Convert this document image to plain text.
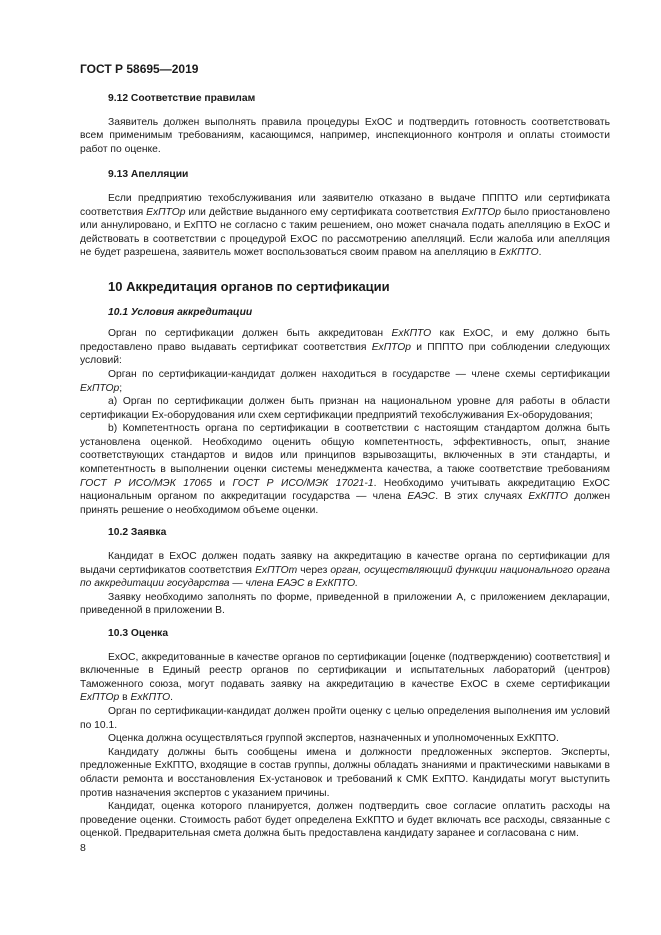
ГОСТ Р 58695—2019
9.12 Соответствие правилам

Заявитель должен выполнять правила процедуры ExОС и подтвердить готовность соответствовать всем применимым требованиям, касающимся, например, инспекционного контроля и оплаты стоимости работ по оценке.

9.13 Апелляции

Если предприятию техобслуживания или заявителю отказано в выдаче ПППТО или сертификата соответствия ExПТОр или действие выданного ему сертификата соответствия ExПТОр было приостановлено или аннулировано, и ExПТО не согласно с таким решением, оно может сначала подать апелляцию в ExОС и действовать в соответствии с процедурой ExОС по рассмотрению апелляций. Если жалоба или апелляция не будет разрешена, заявитель может воспользоваться своим правом на апелляцию в ExКПТО.

10 Аккредитация органов по сертификации
10.1 Условия аккредитации

Орган по сертификации должен быть аккредитован ExКПТО как ExОС, и ему должно быть предоставлено право выдавать сертификат соответствия ExПТОр и ПППТО при соблюдении следующих условий:

Орган по сертификации-кандидат должен находиться в государстве — члене схемы сертификации ExПТОр;

a) Орган по сертификации должен быть признан на национальном уровне для работы в области сертификации Ex-оборудования или схем сертификации предприятий техобслуживания Ex-оборудования;

b) Компетентность органа по сертификации в соответствии с настоящим стандартом должна быть установлена оценкой. Необходимо оценить общую компетентность, эффективность, опыт, знание соответствующих стандартов и видов или принципов взрывозащиты, включенных в эти стандарты, и компетентность в выполнении оценки системы менеджмента качества, а также соответствие требованиям ГОСТ Р ИСО/МЭК 17065 и ГОСТ Р ИСО/МЭК 17021-1. Необходимо учитывать аккредитацию ExОС национальным органом по аккредитации государства — члена ЕАЭС. В этих случаях ExКПТО должен принять решение о необходимом объеме оценки.

10.2 Заявка

Кандидат в ExОС должен подать заявку на аккредитацию в качестве органа по сертификации для выдачи сертификатов соответствия ExПТОт через орган, осуществляющий функции национального органа по аккредитации государства — члена ЕАЭС в ExКПТО.

Заявку необходимо заполнять по форме, приведенной в приложении А, с приложением декларации, приведенной в приложении В.

10.3 Оценка

ExОС, аккредитованные в качестве органов по сертификации [оценке (подтверждению) соответствия] и включенные в Единый реестр органов по сертификации и испытательных лабораторий (центров) Таможенного союза, могут подавать заявку на аккредитацию в качестве ExОС в схеме сертификации ExПТОр в ExКПТО.

Орган по сертификации-кандидат должен пройти оценку с целью определения выполнения им условий по 10.1.

Оценка должна осуществляться группой экспертов, назначенных и уполномоченных ExКПТО.

Кандидату должны быть сообщены имена и должности предложенных экспертов. Эксперты, предложенные ExКПТО, входящие в состав группы, должны обладать знаниями и практическими навыками в области ремонта и восстановления Ex-установок и требований к СМК ExПТО. Кандидаты могут выступить против назначения экспертов с указанием причины.

Кандидат, оценка которого планируется, должен подтвердить свое согласие оплатить расходы на проведение оценки. Стоимость работ будет определена ExКПТО и будет включать все расходы, связанные с оценкой. Предварительная смета должна быть предоставлена кандидату заранее и согласована с ним.

8
